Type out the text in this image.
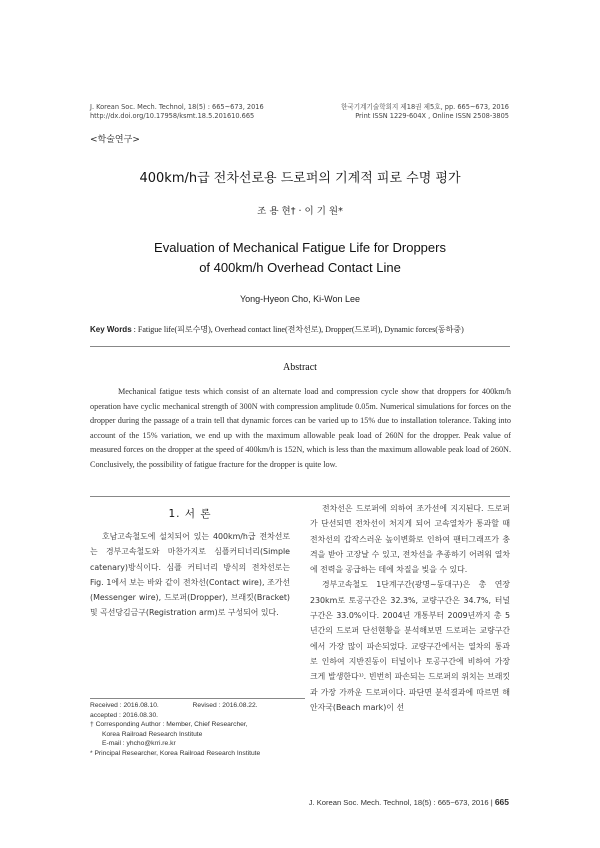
J. Korean Soc. Mech. Technol, 18(5) : 665~673, 2016
http://dx.doi.org/10.17958/ksmt.18.5.201610.665
한국기계기술학회지 제18권 제5호, pp. 665~673, 2016
Print ISSN 1229-604X , Online ISSN 2508-3805
<학술연구>
400km/h급 전차선로용 드로퍼의 기계적 피로 수명 평가
조 용 현† · 이 기 원*
Evaluation of Mechanical Fatigue Life for Droppers
of 400km/h Overhead Contact Line
Yong-Hyeon Cho, Ki-Won Lee
Key Words : Fatigue life(피로수명), Overhead contact line(전차선로), Dropper(드로퍼), Dynamic forces(동하중)
Abstract
Mechanical fatigue tests which consist of an alternate load and compression cycle show that droppers for 400km/h operation have cyclic mechanical strength of 300N with compression amplitude 0.05m. Numerical simulations for forces on the dropper during the passage of a train tell that dynamic forces can be varied up to 15% due to installation tolerance. Taking into account of the 15% variation, we end up with the maximum allowable peak load of 260N for the dropper. Peak value of measured forces on the dropper at the speed of 400km/h is 152N, which is less than the maximum allowable peak load of 260N. Conclusively, the possibility of fatigue fracture for the dropper is quite low.
1. 서 론

호남고속철도에 설치되어 있는 400km/h급 전차선로는 경부고속철도와 마찬가지로 심플커티너리(Simple catenary)방식이다. 심플 커티너리 방식의 전차선로는 Fig. 1에서 보는 바와 같이 전차선(Contact wire), 조가선(Messenger wire), 드로퍼(Dropper), 브래킷(Bracket) 및 곡선당김금구(Registration arm)로 구성되어 있다.

전차선은 드로퍼에 의하여 조가선에 지지된다. 드로퍼가 단선되면 전차선이 처지게 되어 고속열차가 통과할 때 전차선의 갑작스러운 높이변화로 인하여 팬터그래프가 충격을 받아 고장날 수 있고, 전차선을 추종하기 어려워 열차에 전력을 공급하는 데에 차질을 빚을 수 있다.

경부고속철도 1단계구간(광명~동대구)은 총 연장 230km로 토공구간은 32.3%, 교량구간은 34.7%, 터널구간은 33.0%이다. 2004년 개통부터 2009년까지 총 5년간의 드로퍼 단선현황을 분석해보면 드로퍼는 교량구간에서 가장 많이 파손되었다. 교량구간에서는 열차의 통과로 인하여 지반진동이 터널이나 토공구간에 비하여 가장 크게 발생한다¹⁾. 빈번히 파손되는 드로퍼의 위치는 브래킷과 가장 가까운 드로퍼이다. 파단면 분석결과에 따르면 해안자국(Beach mark)이 선

Received : 2016.08.10.	Revised : 2016.08.22.

accepted : 2016.08.30.

† Corresponding Author : Member, Chief Researcher,

Korea Railroad Research Institute

E-mail : yhcho@krri.re.kr

* Principal Researcher, Korea Railroad Research Institute

J. Korean Soc. Mech. Technol, 18(5) : 665~673, 2016 | 665
